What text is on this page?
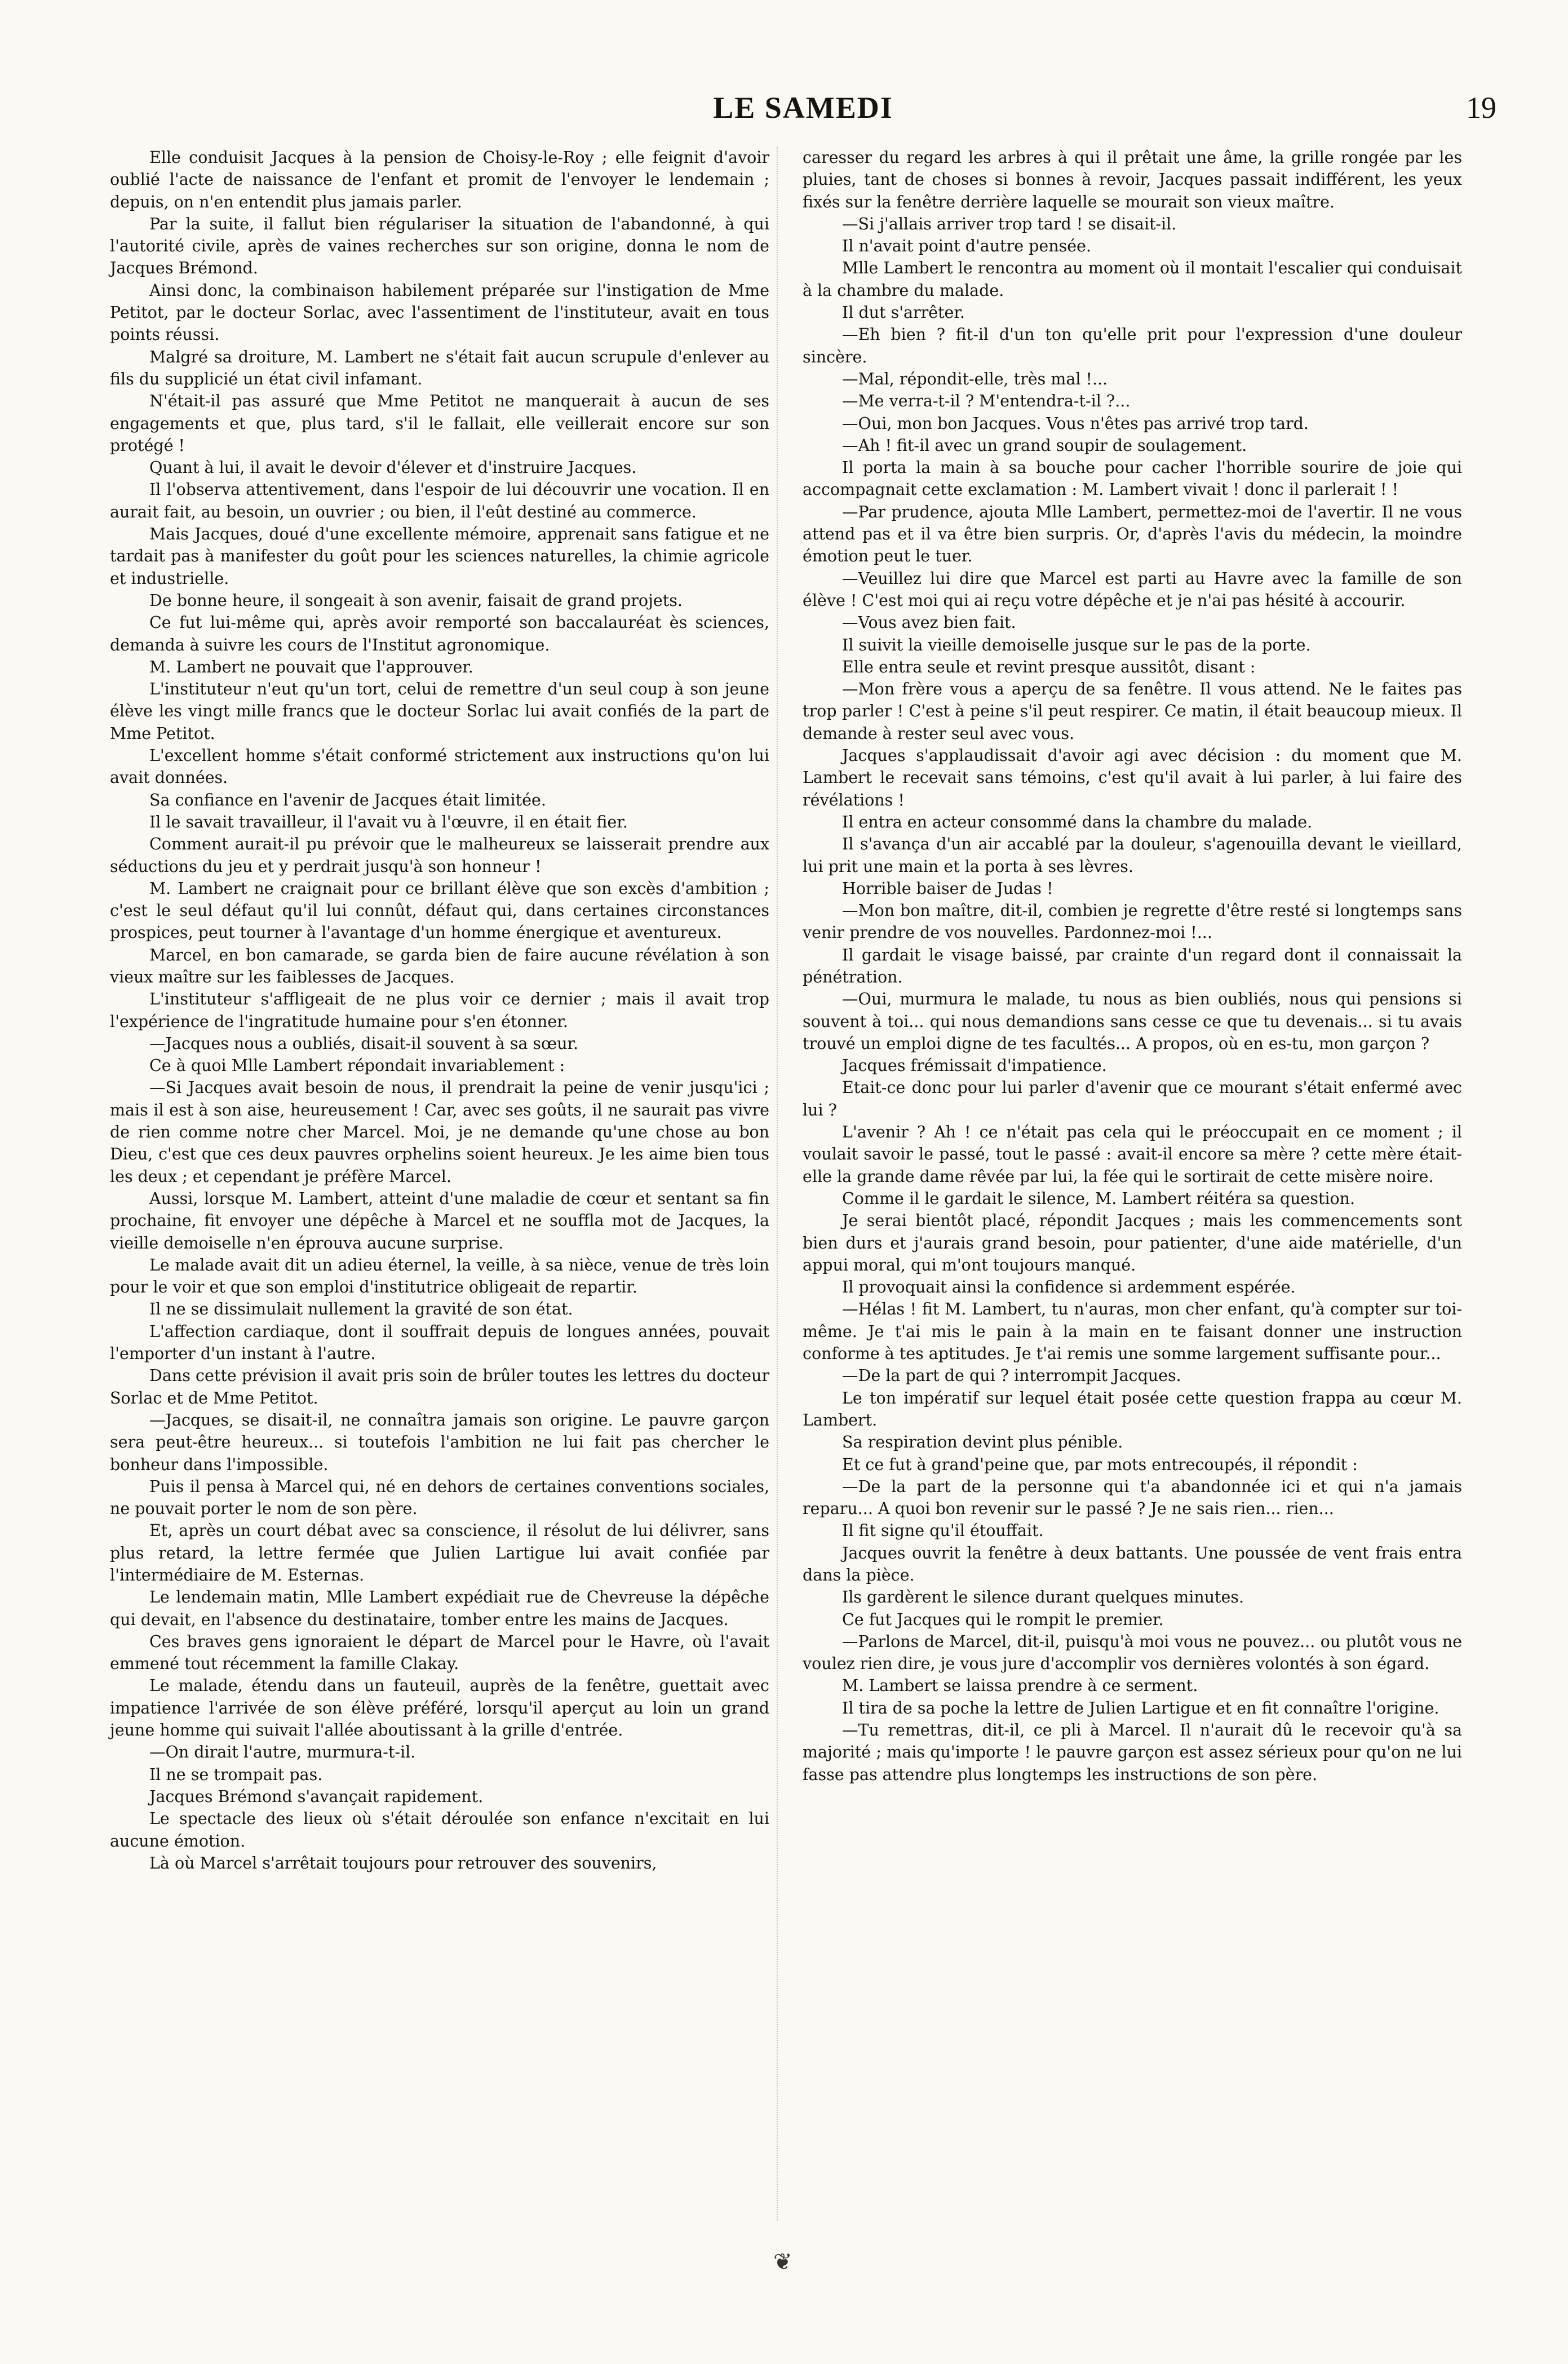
LE SAMEDI	19

Elle conduisit Jacques à la pension de Choisy-le-Roy ; elle feignit d'avoir oublié l'acte de naissance de l'enfant et promit de l'envoyer le lendemain ; depuis, on n'en entendit plus jamais parler.

Par la suite, il fallut bien régulariser la situation de l'abandonné, à qui l'autorité civile, après de vaines recherches sur son origine, donna le nom de Jacques Brémond.

Ainsi donc, la combinaison habilement préparée sur l'instigation de Mme Petitot, par le docteur Sorlac, avec l'assentiment de l'instituteur, avait en tous points réussi.

Malgré sa droiture, M. Lambert ne s'était fait aucun scrupule d'enlever au fils du supplicié un état civil infamant.

N'était-il pas assuré que Mme Petitot ne manquerait à aucun de ses engagements et que, plus tard, s'il le fallait, elle veillerait encore sur son protégé !

Quant à lui, il avait le devoir d'élever et d'instruire Jacques.

Il l'observa attentivement, dans l'espoir de lui découvrir une vocation. Il en aurait fait, au besoin, un ouvrier ; ou bien, il l'eût destiné au commerce.

Mais Jacques, doué d'une excellente mémoire, apprenait sans fatigue et ne tardait pas à manifester du goût pour les sciences naturelles, la chimie agricole et industrielle.

De bonne heure, il songeait à son avenir, faisait de grand projets.

Ce fut lui-même qui, après avoir remporté son baccalauréat ès sciences, demanda à suivre les cours de l'Institut agronomique.

M. Lambert ne pouvait que l'approuver.

L'instituteur n'eut qu'un tort, celui de remettre d'un seul coup à son jeune élève les vingt mille francs que le docteur Sorlac lui avait confiés de la part de Mme Petitot.

L'excellent homme s'était conformé strictement aux instructions qu'on lui avait données.

Sa confiance en l'avenir de Jacques était limitée.

Il le savait travailleur, il l'avait vu à l'œuvre, il en était fier.

Comment aurait-il pu prévoir que le malheureux se laisserait prendre aux séductions du jeu et y perdrait jusqu'à son honneur !

M. Lambert ne craignait pour ce brillant élève que son excès d'ambition ; c'est le seul défaut qu'il lui connût, défaut qui, dans certaines circonstances prospices, peut tourner à l'avantage d'un homme énergique et aventureux.

Marcel, en bon camarade, se garda bien de faire aucune révélation à son vieux maître sur les faiblesses de Jacques.

L'instituteur s'affligeait de ne plus voir ce dernier ; mais il avait trop l'expérience de l'ingratitude humaine pour s'en étonner.

—Jacques nous a oubliés, disait-il souvent à sa sœur.

Ce à quoi Mlle Lambert répondait invariablement :

—Si Jacques avait besoin de nous, il prendrait la peine de venir jusqu'ici ; mais il est à son aise, heureusement ! Car, avec ses goûts, il ne saurait pas vivre de rien comme notre cher Marcel. Moi, je ne demande qu'une chose au bon Dieu, c'est que ces deux pauvres orphelins soient heureux. Je les aime bien tous les deux ; et cependant je préfère Marcel.

Aussi, lorsque M. Lambert, atteint d'une maladie de cœur et sentant sa fin prochaine, fit envoyer une dépêche à Marcel et ne souffla mot de Jacques, la vieille demoiselle n'en éprouva aucune surprise.

Le malade avait dit un adieu éternel, la veille, à sa nièce, venue de très loin pour le voir et que son emploi d'institutrice obligeait de repartir.

Il ne se dissimulait nullement la gravité de son état.

L'affection cardiaque, dont il souffrait depuis de longues années, pouvait l'emporter d'un instant à l'autre.

Dans cette prévision il avait pris soin de brûler toutes les lettres du docteur Sorlac et de Mme Petitot.

—Jacques, se disait-il, ne connaîtra jamais son origine. Le pauvre garçon sera peut-être heureux... si toutefois l'ambition ne lui fait pas chercher le bonheur dans l'impossible.

Puis il pensa à Marcel qui, né en dehors de certaines conventions sociales, ne pouvait porter le nom de son père.

Et, après un court débat avec sa conscience, il résolut de lui délivrer, sans plus retard, la lettre fermée que Julien Lartigue lui avait confiée par l'intermédiaire de M. Esternas.

Le lendemain matin, Mlle Lambert expédiait rue de Chevreuse la dépêche qui devait, en l'absence du destinataire, tomber entre les mains de Jacques.

Ces braves gens ignoraient le départ de Marcel pour le Havre, où l'avait emmené tout récemment la famille Clakay.

Le malade, étendu dans un fauteuil, auprès de la fenêtre, guettait avec impatience l'arrivée de son élève préféré, lorsqu'il aperçut au loin un grand jeune homme qui suivait l'allée aboutissant à la grille d'entrée.

—On dirait l'autre, murmura-t-il.

Il ne se trompait pas.

Jacques Brémond s'avançait rapidement.

Le spectacle des lieux où s'était déroulée son enfance n'excitait en lui aucune émotion.

Là où Marcel s'arrêtait toujours pour retrouver des souvenirs,

caresser du regard les arbres à qui il prêtait une âme, la grille rongée par les pluies, tant de choses si bonnes à revoir, Jacques passait indifférent, les yeux fixés sur la fenêtre derrière laquelle se mourait son vieux maître.

—Si j'allais arriver trop tard ! se disait-il.

Il n'avait point d'autre pensée.

Mlle Lambert le rencontra au moment où il montait l'escalier qui conduisait à la chambre du malade.

Il dut s'arrêter.

—Eh bien ? fit-il d'un ton qu'elle prit pour l'expression d'une douleur sincère.

—Mal, répondit-elle, très mal !...

—Me verra-t-il ? M'entendra-t-il ?...

—Oui, mon bon Jacques. Vous n'êtes pas arrivé trop tard.

—Ah ! fit-il avec un grand soupir de soulagement.

Il porta la main à sa bouche pour cacher l'horrible sourire de joie qui accompagnait cette exclamation : M. Lambert vivait ! donc il parlerait ! !

—Par prudence, ajouta Mlle Lambert, permettez-moi de l'avertir. Il ne vous attend pas et il va être bien surpris. Or, d'après l'avis du médecin, la moindre émotion peut le tuer.

—Veuillez lui dire que Marcel est parti au Havre avec la famille de son élève ! C'est moi qui ai reçu votre dépêche et je n'ai pas hésité à accourir.

—Vous avez bien fait.

Il suivit la vieille demoiselle jusque sur le pas de la porte.

Elle entra seule et revint presque aussitôt, disant :

—Mon frère vous a aperçu de sa fenêtre. Il vous attend. Ne le faites pas trop parler ! C'est à peine s'il peut respirer. Ce matin, il était beaucoup mieux. Il demande à rester seul avec vous.

Jacques s'applaudissait d'avoir agi avec décision : du moment que M. Lambert le recevait sans témoins, c'est qu'il avait à lui parler, à lui faire des révélations !

Il entra en acteur consommé dans la chambre du malade.

Il s'avança d'un air accablé par la douleur, s'agenouilla devant le vieillard, lui prit une main et la porta à ses lèvres.

Horrible baiser de Judas !

—Mon bon maître, dit-il, combien je regrette d'être resté si longtemps sans venir prendre de vos nouvelles. Pardonnez-moi !...

Il gardait le visage baissé, par crainte d'un regard dont il connaissait la pénétration.

—Oui, murmura le malade, tu nous as bien oubliés, nous qui pensions si souvent à toi... qui nous demandions sans cesse ce que tu devenais... si tu avais trouvé un emploi digne de tes facultés... A propos, où en es-tu, mon garçon ?

Jacques frémissait d'impatience.

Etait-ce donc pour lui parler d'avenir que ce mourant s'était enfermé avec lui ?

L'avenir ? Ah ! ce n'était pas cela qui le préoccupait en ce moment ; il voulait savoir le passé, tout le passé : avait-il encore sa mère ? cette mère était-elle la grande dame rêvée par lui, la fée qui le sortirait de cette misère noire.

Comme il le gardait le silence, M. Lambert réitéra sa question.

Je serai bientôt placé, répondit Jacques ; mais les commencements sont bien durs et j'aurais grand besoin, pour patienter, d'une aide matérielle, d'un appui moral, qui m'ont toujours manqué.

Il provoquait ainsi la confidence si ardemment espérée.

—Hélas ! fit M. Lambert, tu n'auras, mon cher enfant, qu'à compter sur toi-même. Je t'ai mis le pain à la main en te faisant donner une instruction conforme à tes aptitudes. Je t'ai remis une somme largement suffisante pour...

—De la part de qui ? interrompit Jacques.

Le ton impératif sur lequel était posée cette question frappa au cœur M. Lambert.

Sa respiration devint plus pénible.

Et ce fut à grand'peine que, par mots entrecoupés, il répondit :

—De la part de la personne qui t'a abandonnée ici et qui n'a jamais reparu... A quoi bon revenir sur le passé ? Je ne sais rien... rien...

Il fit signe qu'il étouffait.

Jacques ouvrit la fenêtre à deux battants. Une poussée de vent frais entra dans la pièce.

Ils gardèrent le silence durant quelques minutes.

Ce fut Jacques qui le rompit le premier.

—Parlons de Marcel, dit-il, puisqu'à moi vous ne pouvez... ou plutôt vous ne voulez rien dire, je vous jure d'accomplir vos dernières volontés à son égard.

M. Lambert se laissa prendre à ce serment.

Il tira de sa poche la lettre de Julien Lartigue et en fit connaître l'origine.

—Tu remettras, dit-il, ce pli à Marcel. Il n'aurait dû le recevoir qu'à sa majorité ; mais qu'importe ! le pauvre garçon est assez sérieux pour qu'on ne lui fasse pas attendre plus longtemps les instructions de son père.

❦
